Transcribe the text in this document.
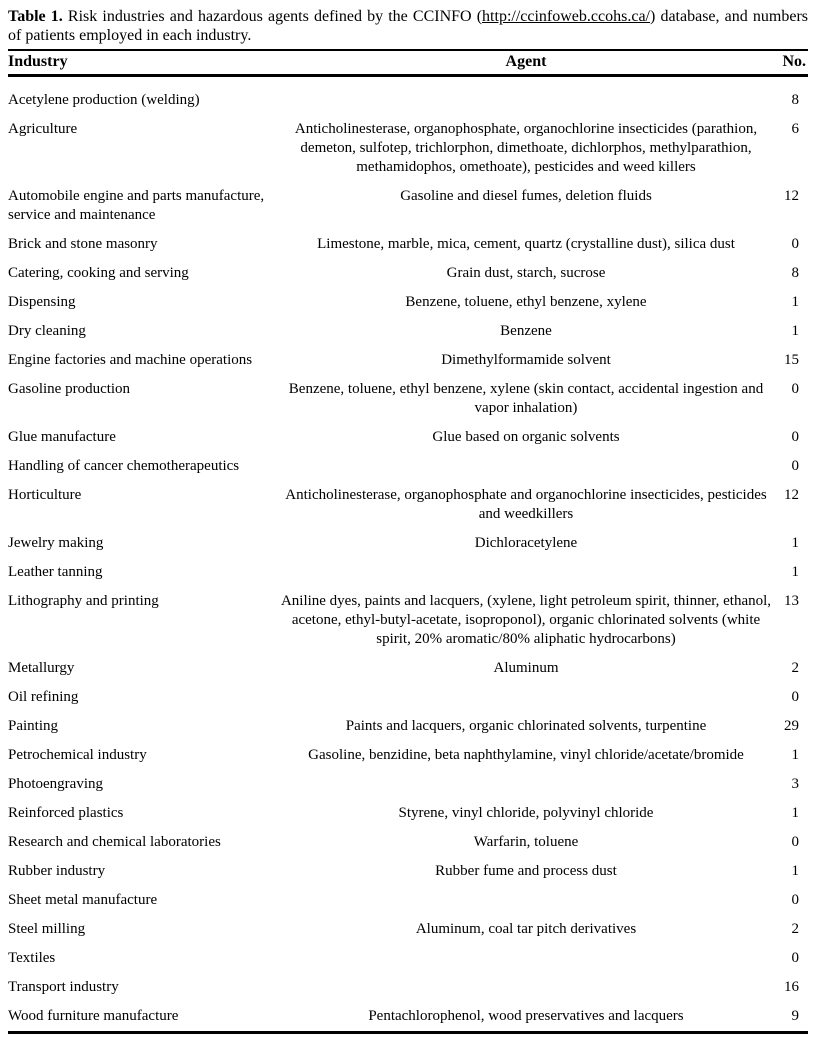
Table 1. Risk industries and hazardous agents defined by the CCINFO (http://ccinfoweb.ccohs.ca/) database, and numbers of patients employed in each industry.

Industry	Agent	No.
Acetylene production (welding)		8
Agriculture	Anticholinesterase, organophosphate, organochlorine insecticides (parathion, demeton, sulfotep, trichlorphon, dimethoate, dichlorphos, methylparathion, methamidophos, omethoate), pesticides and weed killers	6
Automobile engine and parts manufacture, service and maintenance	Gasoline and diesel fumes, deletion fluids	12
Brick and stone masonry	Limestone, marble, mica, cement, quartz (crystalline dust), silica dust	0
Catering, cooking and serving	Grain dust, starch, sucrose	8
Dispensing	Benzene, toluene, ethyl benzene, xylene	1
Dry cleaning	Benzene	1
Engine factories and machine operations	Dimethylformamide solvent	15
Gasoline production	Benzene, toluene, ethyl benzene, xylene (skin contact, accidental ingestion and vapor inhalation)	0
Glue manufacture	Glue based on organic solvents	0
Handling of cancer chemotherapeutics		0
Horticulture	Anticholinesterase, organophosphate and organochlorine insecticides, pesticides and weedkillers	12
Jewelry making	Dichloracetylene	1
Leather tanning		1
Lithography and printing	Aniline dyes, paints and lacquers, (xylene, light petroleum spirit, thinner, ethanol, acetone, ethyl-butyl-acetate, isoproponol), organic chlorinated solvents (white spirit, 20% aromatic/80% aliphatic hydrocarbons)	13
Metallurgy	Aluminum	2
Oil refining		0
Painting	Paints and lacquers, organic chlorinated solvents, turpentine	29
Petrochemical industry	Gasoline, benzidine, beta naphthylamine, vinyl chloride/acetate/bromide	1
Photoengraving		3
Reinforced plastics	Styrene, vinyl chloride, polyvinyl chloride	1
Research and chemical laboratories	Warfarin, toluene	0
Rubber industry	Rubber fume and process dust	1
Sheet metal manufacture		0
Steel milling	Aluminum, coal tar pitch derivatives	2
Textiles		0
Transport industry		16
Wood furniture manufacture	Pentachlorophenol, wood preservatives and lacquers	9
